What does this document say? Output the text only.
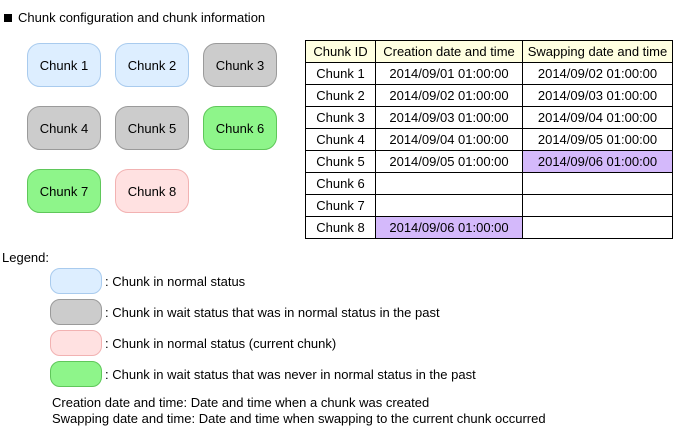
Chunk configuration and chunk information
Chunk 1	Chunk 2	Chunk 3
Chunk 4	Chunk 5	Chunk 6
Chunk 7	Chunk 8
Chunk ID	Creation date and time	Swapping date and time
Chunk 1	2014/09/01 01:00:00	2014/09/02 01:00:00
Chunk 2	2014/09/02 01:00:00	2014/09/03 01:00:00
Chunk 3	2014/09/03 01:00:00	2014/09/04 01:00:00
Chunk 4	2014/09/04 01:00:00	2014/09/05 01:00:00
Chunk 5	2014/09/05 01:00:00	2014/09/06 01:00:00
Chunk 6		
Chunk 7		
Chunk 8	2014/09/06 01:00:00	
Legend:
: Chunk in normal status
: Chunk in wait status that was in normal status in the past
: Chunk in normal status (current chunk)
: Chunk in wait status that was never in normal status in the past
Creation date and time: Date and time when a chunk was created
Swapping date and time: Date and time when swapping to the current chunk occurred
